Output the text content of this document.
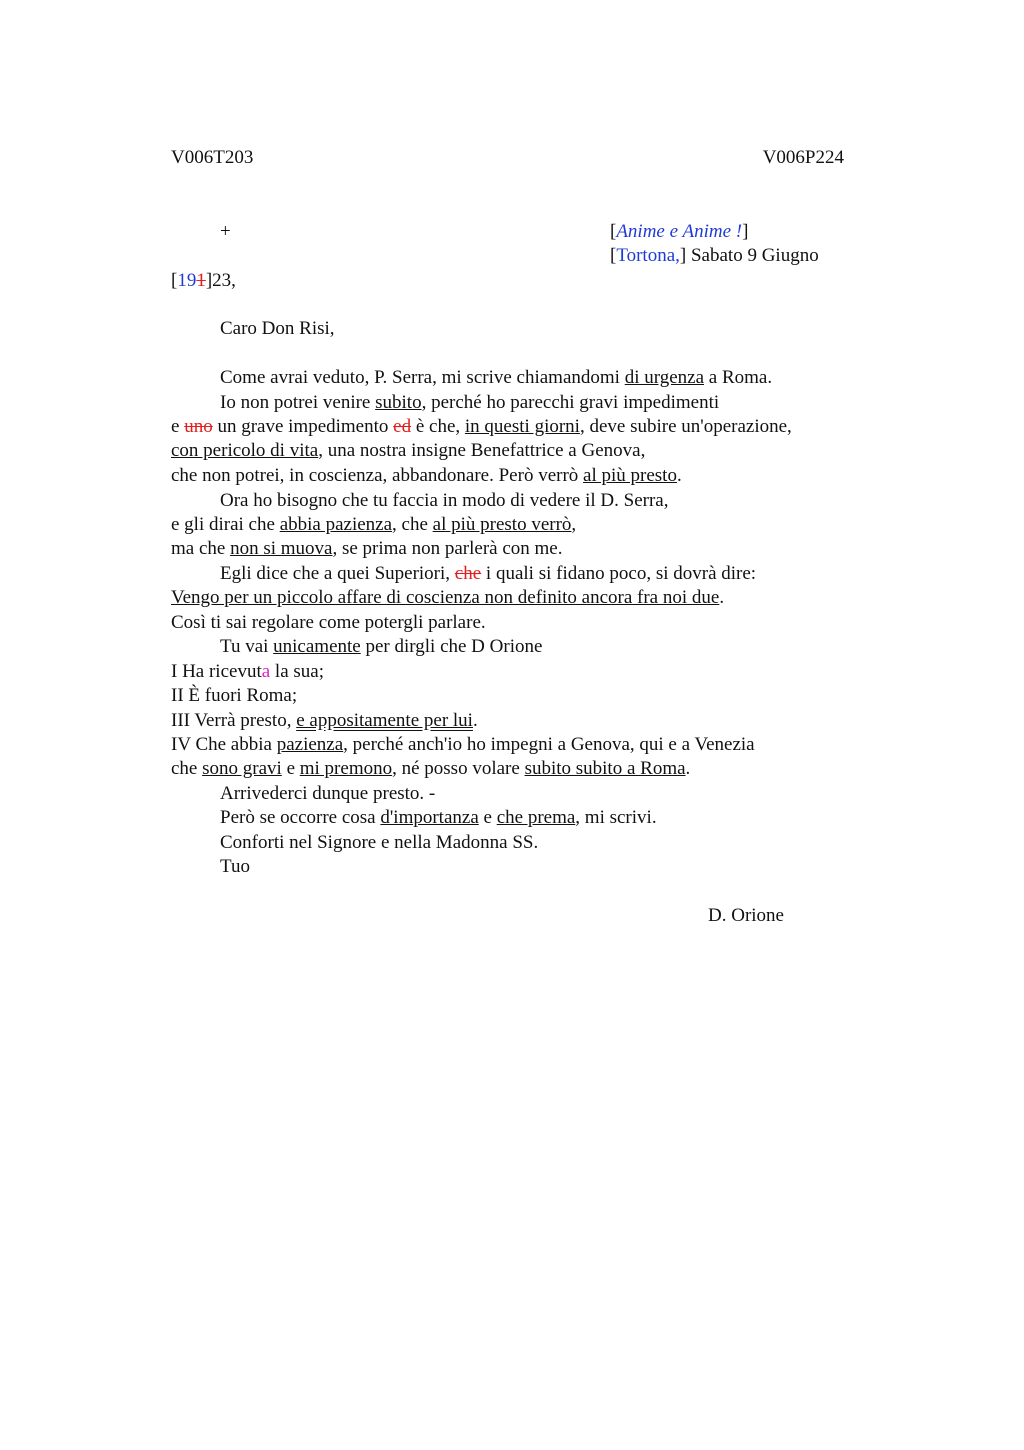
V006T203	V006P224
+	[Anime e Anime !]
[Tortona,] Sabato 9 Giugno
[191]23,
Caro Don Risi,
Come avrai veduto, P. Serra, mi scrive chiamandomi di urgenza a Roma.
Io non potrei venire subito, perché ho parecchi gravi impedimenti
e uno un grave impedimento ed è che, in questi giorni, deve subire un'operazione,
con pericolo di vita, una nostra insigne Benefattrice a Genova,
che non potrei, in coscienza, abbandonare. Però verrò al più presto.
Ora ho bisogno che tu faccia in modo di vedere il D. Serra,
e gli dirai che abbia pazienza, che al più presto verrò,
ma che non si muova, se prima non parlerà con me.
Egli dice che a quei Superiori, che i quali si fidano poco, si dovrà dire:
Vengo per un piccolo affare di coscienza non definito ancora fra noi due.
Così ti sai regolare come potergli parlare.
Tu vai unicamente per dirgli che D Orione
I Ha ricevuta la sua;
II È fuori Roma;
III Verrà presto, e appositamente per lui.
IV Che abbia pazienza, perché anch'io ho impegni a Genova, qui e a Venezia
che sono gravi e mi premono, né posso volare subito subito a Roma.
Arrivederci dunque presto. -
Però se occorre cosa d'importanza e che prema, mi scrivi.
Conforti nel Signore e nella Madonna SS.
Tuo
D. Orione
